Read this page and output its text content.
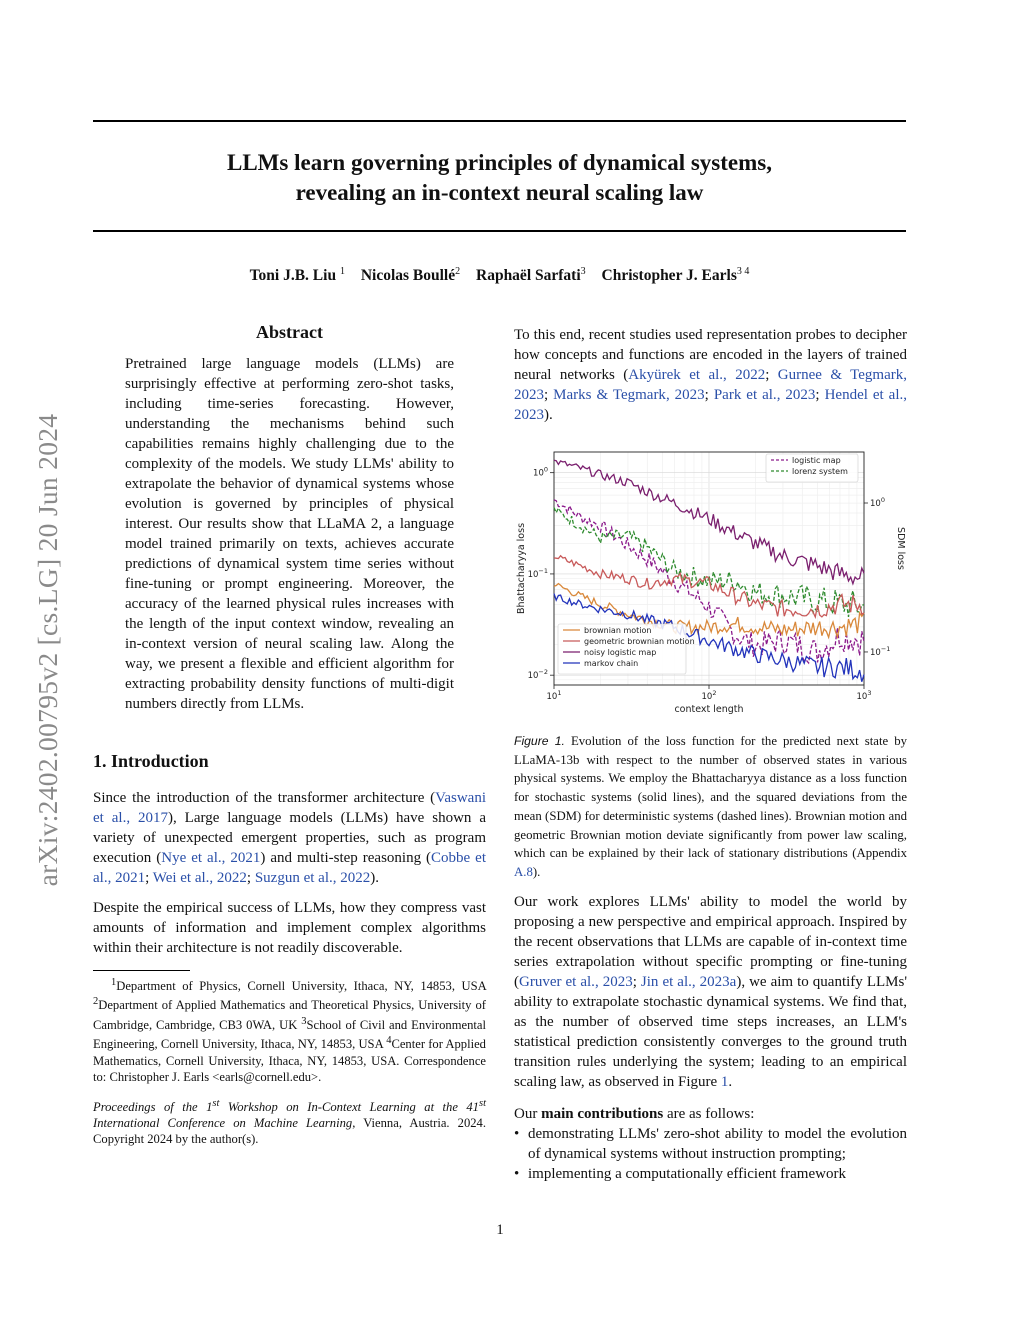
arXiv:2402.00795v2 [cs.LG] 20 Jun 2024
LLMs learn governing principles of dynamical systems,
revealing an in-context neural scaling law
Toni J.B. Liu $^1$ Nicolas Boullé$^2$ Raphaël Sarfati$^3$ Christopher J. Earls$^{3 4}$
Abstract

Pretrained large language models (LLMs) are surprisingly effective at performing zero-shot tasks, including time-series forecasting. However, understanding the mechanisms behind such capabilities remains highly challenging due to the complexity of the models. We study LLMs' ability to extrapolate the behavior of dynamical systems whose evolution is governed by principles of physical interest. Our results show that LLaMA 2, a language model trained primarily on texts, achieves accurate predictions of dynamical system time series without fine-tuning or prompt engineering. Moreover, the accuracy of the learned physical rules increases with the length of the input context window, revealing an in-context version of neural scaling law. Along the way, we present a flexible and efficient algorithm for extracting probability density functions of multi-digit numbers directly from LLMs.

1. Introduction

Since the introduction of the transformer architecture (Vaswani et al., 2017), Large language models (LLMs) have shown a variety of unexpected emergent properties, such as program execution (Nye et al., 2021) and multi-step reasoning (Cobbe et al., 2021; Wei et al., 2022; Suzgun et al., 2022).

Despite the empirical success of LLMs, how they compress vast amounts of information and implement complex algorithms within their architecture is not readily discoverable.

$^1$Department of Physics, Cornell University, Ithaca, NY, 14853, USA $^2$Department of Applied Mathematics and Theoretical Physics, University of Cambridge, Cambridge, CB3 0WA, UK $^3$School of Civil and Environmental Engineering, Cornell University, Ithaca, NY, 14853, USA $^4$Center for Applied Mathematics, Cornell University, Ithaca, NY, 14853, USA. Correspondence to: Christopher J. Earls <earls@cornell.edu>.
Proceedings of the 1st Workshop on In-Context Learning at the 41st International Conference on Machine Learning, Vienna, Austria. 2024. Copyright 2024 by the author(s).

To this end, recent studies used representation probes to decipher how concepts and functions are encoded in the layers of trained neural networks (Akyürek et al., 2022; Gurnee & Tegmark, 2023; Marks & Tegmark, 2023; Park et al., 2023; Hendel et al., 2023).

$10^1$	$10^2$	$10^3$
$10^0$
$10^{-1}$
$10^{-2}$
$10^0$
$10^{-1}$
context length
Bhattacharyya loss	SDM loss
logistic map
lorenz system
brownian motion
geometric brownian motion
noisy logistic map
markov chain
Figure 1. Evolution of the loss function for the predicted next state by LLaMA-13b with respect to the number of observed states in various physical systems. We employ the Bhattacharyya distance as a loss function for stochastic systems (solid lines), and the squared deviations from the mean (SDM) for deterministic systems (dashed lines). Brownian motion and geometric Brownian motion deviate significantly from power law scaling, which can be explained by their lack of stationary distributions (Appendix A.8).

Our work explores LLMs' ability to model the world by proposing a new perspective and empirical approach. Inspired by the recent observations that LLMs are capable of in-context time series extrapolation without specific prompting or fine-tuning (Gruver et al., 2023; Jin et al., 2023a), we aim to quantify LLMs' ability to extrapolate stochastic dynamical systems. We find that, as the number of observed time steps increases, an LLM's statistical prediction consistently converges to the ground truth transition rules underlying the system; leading to an empirical scaling law, as observed in Figure 1.

Our main contributions are as follows:

• demonstrating LLMs' zero-shot ability to model the evolution of dynamical systems without instruction prompting;
• implementing a computationally efficient framework
1
